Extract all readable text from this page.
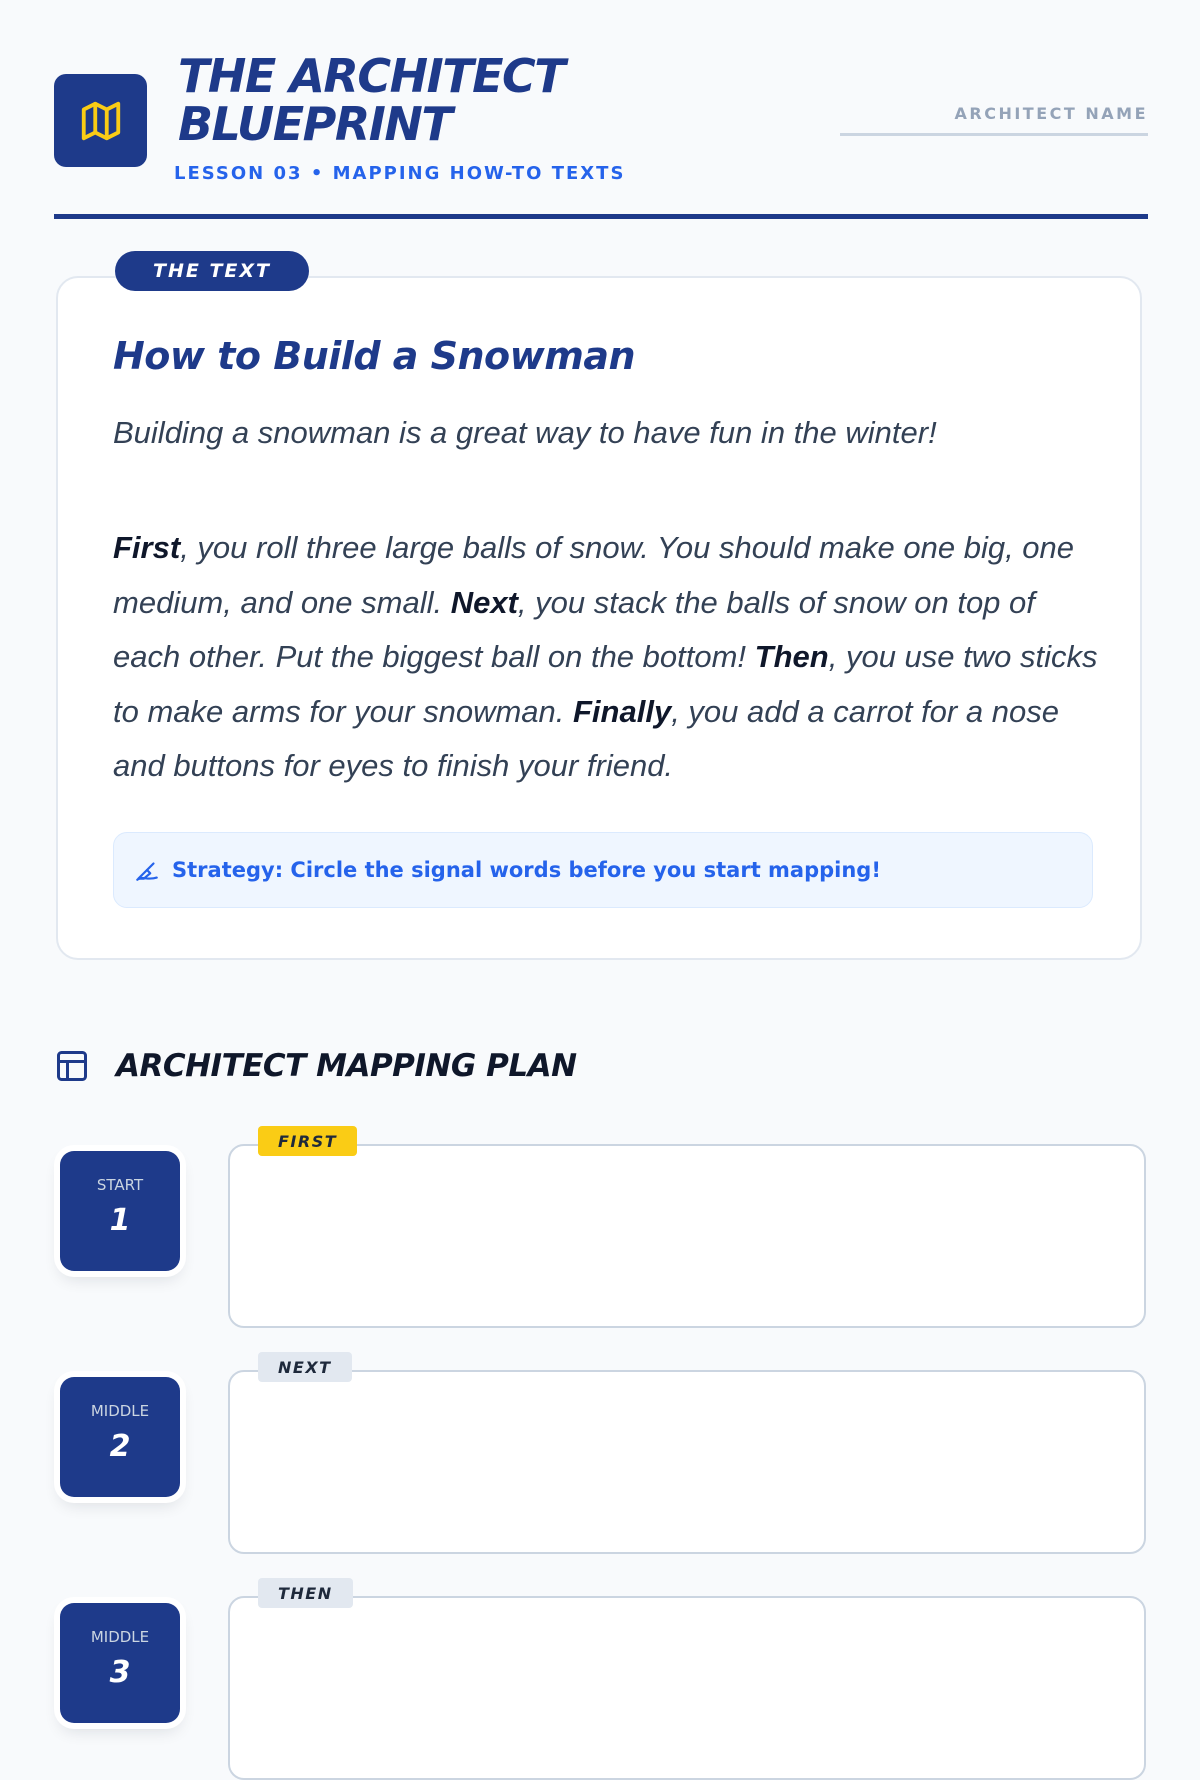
THE ARCHITECT BLUEPRINT
LESSON 03 • MAPPING HOW-TO TEXTS
ARCHITECT NAME
THE TEXT
How to Build a Snowman
Building a snowman is a great way to have fun in the winter!
First, you roll three large balls of snow. You should make one big, one medium, and one small. Next, you stack the balls of snow on top of each other. Put the biggest ball on the bottom! Then, you use two sticks to make arms for your snowman. Finally, you add a carrot for a nose and buttons for eyes to finish your friend.
Strategy: Circle the signal words before you start mapping!
ARCHITECT MAPPING PLAN
START
1
FIRST
MIDDLE
2
NEXT
MIDDLE
3
THEN
